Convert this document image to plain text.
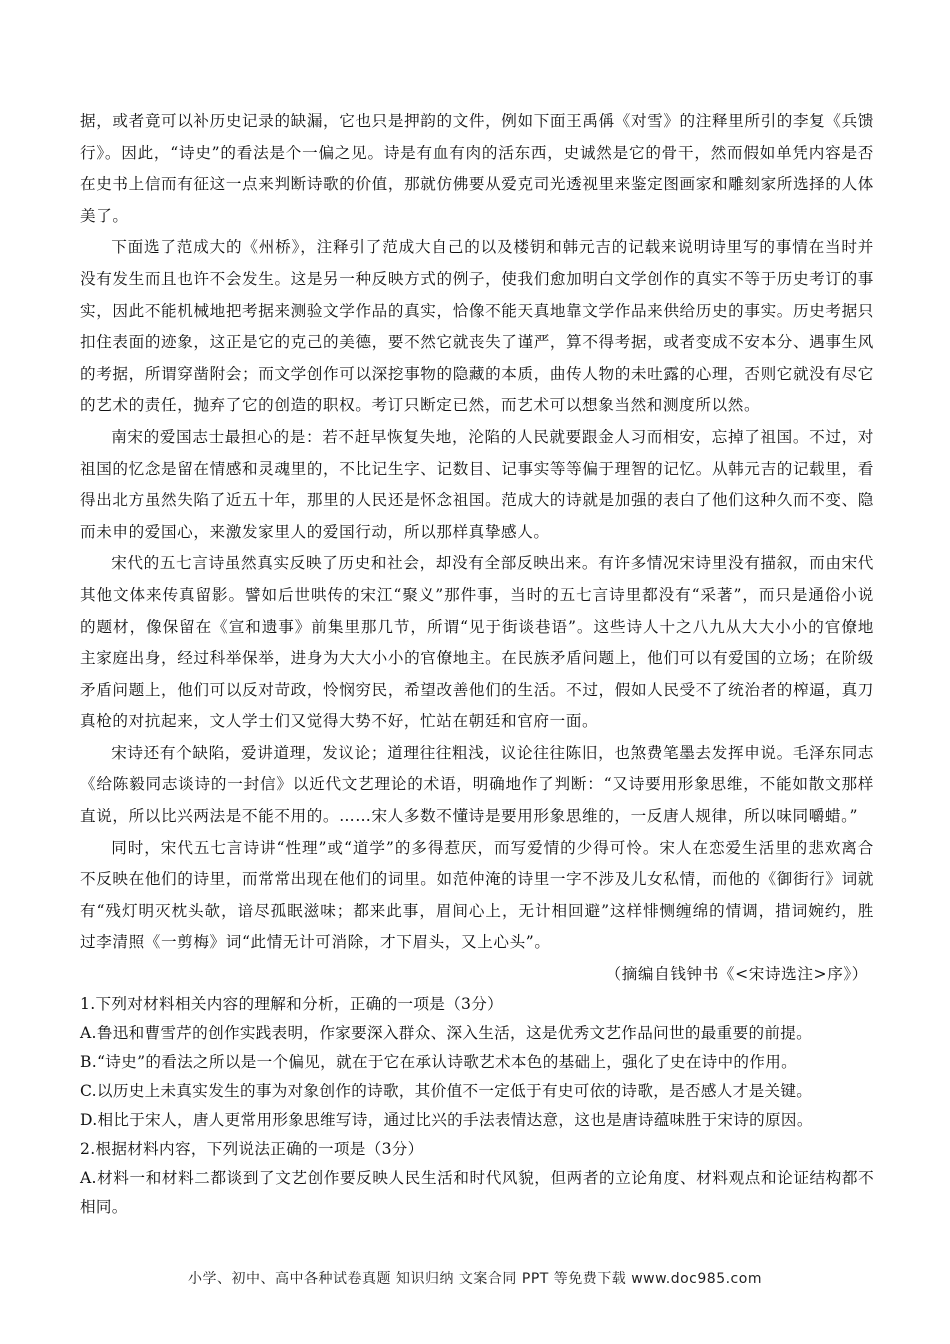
据，或者竟可以补历史记录的缺漏，它也只是押韵的文件，例如下面王禹偁《对雪》的注释里所引的李复《兵馈行》。因此，“诗史”的看法是个一偏之见。诗是有血有肉的活东西，史诚然是它的骨干，然而假如单凭内容是否在史书上信而有征这一点来判断诗歌的价值，那就仿佛要从爱克司光透视里来鉴定图画家和雕刻家所选择的人体美了。

下面选了范成大的《州桥》，注释引了范成大自己的以及楼钥和韩元吉的记载来说明诗里写的事情在当时并没有发生而且也许不会发生。这是另一种反映方式的例子，使我们愈加明白文学创作的真实不等于历史考订的事实，因此不能机械地把考据来测验文学作品的真实，恰像不能天真地靠文学作品来供给历史的事实。历史考据只扣住表面的迹象，这正是它的克己的美德，要不然它就丧失了谨严，算不得考据，或者变成不安本分、遇事生风的考据，所谓穿凿附会；而文学创作可以深挖事物的隐藏的本质，曲传人物的未吐露的心理，否则它就没有尽它的艺术的责任，抛弃了它的创造的职权。考订只断定已然，而艺术可以想象当然和测度所以然。

南宋的爱国志士最担心的是：若不赶早恢复失地，沦陷的人民就要跟金人习而相安，忘掉了祖国。不过，对祖国的忆念是留在情感和灵魂里的，不比记生字、记数目、记事实等等偏于理智的记忆。从韩元吉的记载里，看得出北方虽然失陷了近五十年，那里的人民还是怀念祖国。范成大的诗就是加强的表白了他们这种久而不变、隐而未申的爱国心，来激发家里人的爱国行动，所以那样真挚感人。

宋代的五七言诗虽然真实反映了历史和社会，却没有全部反映出来。有许多情况宋诗里没有描叙，而由宋代其他文体来传真留影。譬如后世哄传的宋江“聚义”那件事，当时的五七言诗里都没有“采著”，而只是通俗小说的题材，像保留在《宣和遗事》前集里那几节，所谓“见于街谈巷语”。这些诗人十之八九从大大小小的官僚地主家庭出身，经过科举保举，进身为大大小小的官僚地主。在民族矛盾问题上，他们可以有爱国的立场；在阶级矛盾问题上，他们可以反对苛政，怜悯穷民，希望改善他们的生活。不过，假如人民受不了统治者的榨逼，真刀真枪的对抗起来，文人学士们又觉得大势不好，忙站在朝廷和官府一面。

宋诗还有个缺陷，爱讲道理，发议论；道理往往粗浅，议论往往陈旧，也煞费笔墨去发挥申说。毛泽东同志《给陈毅同志谈诗的一封信》以近代文艺理论的术语，明确地作了判断：“又诗要用形象思维，不能如散文那样直说，所以比兴两法是不能不用的。……宋人多数不懂诗是要用形象思维的，一反唐人规律，所以味同嚼蜡。”

同时，宋代五七言诗讲“性理”或“道学”的多得惹厌，而写爱情的少得可怜。宋人在恋爱生活里的悲欢离合不反映在他们的诗里，而常常出现在他们的词里。如范仲淹的诗里一字不涉及儿女私情，而他的《御街行》词就有“残灯明灭枕头欹，谙尽孤眠滋味；都来此事，眉间心上，无计相回避”这样悱恻缠绵的情调，措词婉约，胜过李清照《一剪梅》词“此情无计可消除，才下眉头，又上心头”。

（摘编自钱钟书《<宋诗选注>序》）
1.下列对材料相关内容的理解和分析，正确的一项是（3分）
A.鲁迅和曹雪芹的创作实践表明，作家要深入群众、深入生活，这是优秀文艺作品问世的最重要的前提。
B.“诗史”的看法之所以是一个偏见，就在于它在承认诗歌艺术本色的基础上，强化了史在诗中的作用。
C.以历史上未真实发生的事为对象创作的诗歌，其价值不一定低于有史可依的诗歌，是否感人才是关键。
D.相比于宋人，唐人更常用形象思维写诗，通过比兴的手法表情达意，这也是唐诗蕴味胜于宋诗的原因。
2.根据材料内容，下列说法正确的一项是（3分）
A.材料一和材料二都谈到了文艺创作要反映人民生活和时代风貌，但两者的立论角度、材料观点和论证结构都不相同。
小学、初中、高中各种试卷真题 知识归纳 文案合同 PPT 等免费下载 www.doc985.com
